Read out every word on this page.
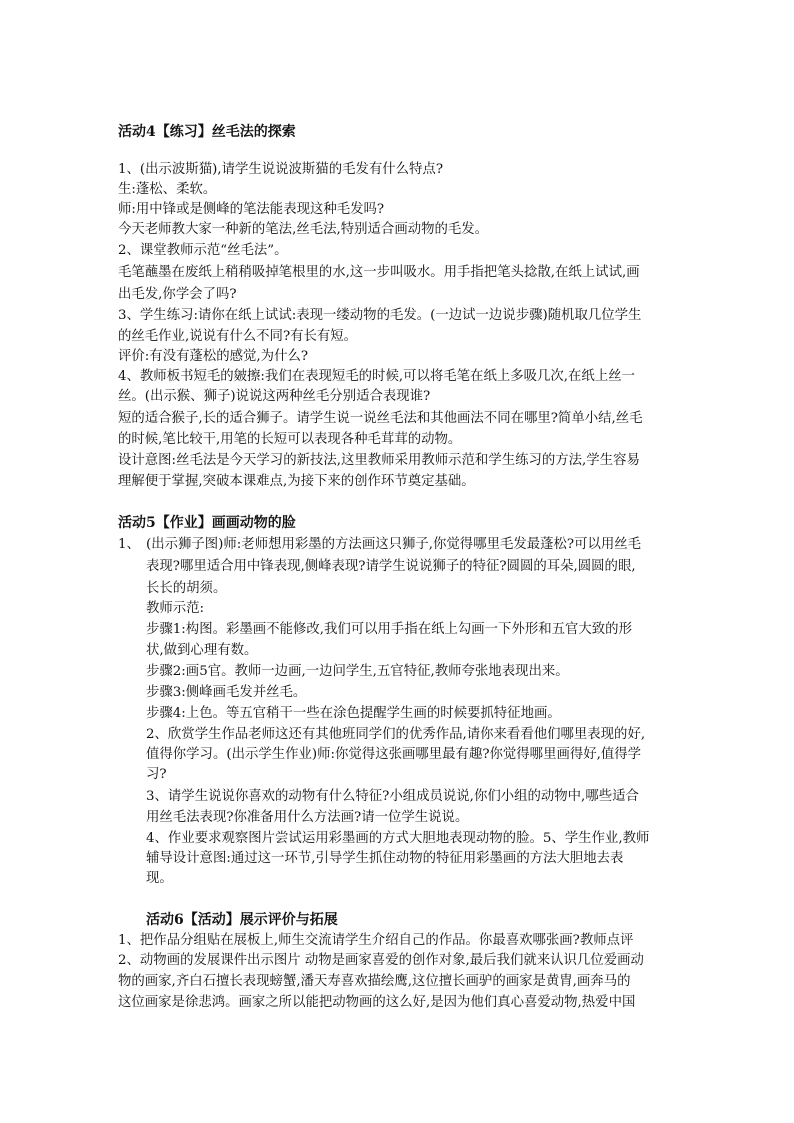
活动4【练习】丝毛法的探索
1、(出示波斯猫),请学生说说波斯猫的毛发有什么特点?
生:蓬松、柔软。
师:用中锋或是侧峰的笔法能表现这种毛发吗?
今天老师教大家一种新的笔法,丝毛法,特别适合画动物的毛发。
2、课堂教师示范“丝毛法”。
毛笔蘸墨在废纸上稍稍吸掉笔根里的水,这一步叫吸水。用手指把笔头捻散,在纸上试试,画
出毛发,你学会了吗?
3、学生练习:请你在纸上试试:表现一缕动物的毛发。(一边试一边说步骤)随机取几位学生
的丝毛作业,说说有什么不同?有长有短。
评价:有没有蓬松的感觉,为什么?
4、教师板书短毛的皴擦:我们在表现短毛的时候,可以将毛笔在纸上多吸几次,在纸上丝一
丝。(出示猴、狮子)说说这两种丝毛分别适合表现谁?
短的适合猴子,长的适合狮子。请学生说一说丝毛法和其他画法不同在哪里?简单小结,丝毛
的时候,笔比较干,用笔的长短可以表现各种毛茸茸的动物。
设计意图:丝毛法是今天学习的新技法,这里教师采用教师示范和学生练习的方法,学生容易
理解便于掌握,突破本课难点,为接下来的创作环节奠定基础。
活动5【作业】画画动物的脸
1、 (出示狮子图)师:老师想用彩墨的方法画这只狮子,你觉得哪里毛发最蓬松?可以用丝毛
表现?哪里适合用中锋表现,侧峰表现?请学生说说狮子的特征?圆圆的耳朵,圆圆的眼,
长长的胡须。
教师示范:
步骤1:构图。彩墨画不能修改,我们可以用手指在纸上勾画一下外形和五官大致的形
状,做到心理有数。
步骤2:画5官。教师一边画,一边问学生,五官特征,教师夸张地表现出来。
步骤3:侧峰画毛发并丝毛。
步骤4:上色。等五官稍干一些在涂色提醒学生画的时候要抓特征地画。
2、欣赏学生作品老师这还有其他班同学们的优秀作品,请你来看看他们哪里表现的好,
值得你学习。(出示学生作业)师:你觉得这张画哪里最有趣?你觉得哪里画得好,值得学
习?
3、请学生说说你喜欢的动物有什么特征?小组成员说说,你们小组的动物中,哪些适合
用丝毛法表现?你准备用什么方法画?请一位学生说说。
4、作业要求观察图片尝试运用彩墨画的方式大胆地表现动物的脸。5、学生作业,教师
辅导设计意图:通过这一环节,引导学生抓住动物的特征用彩墨画的方法大胆地去表
现。
活动6【活动】展示评价与拓展
1、把作品分组贴在展板上,师生交流请学生介绍自己的作品。你最喜欢哪张画?教师点评
2、动物画的发展课件出示图片 动物是画家喜爱的创作对象,最后我们就来认识几位爱画动
物的画家,齐白石擅长表现螃蟹,潘天寿喜欢描绘鹰,这位擅长画驴的画家是黄胄,画奔马的
这位画家是徐悲鸿。画家之所以能把动物画的这么好,是因为他们真心喜爱动物,热爱中国
